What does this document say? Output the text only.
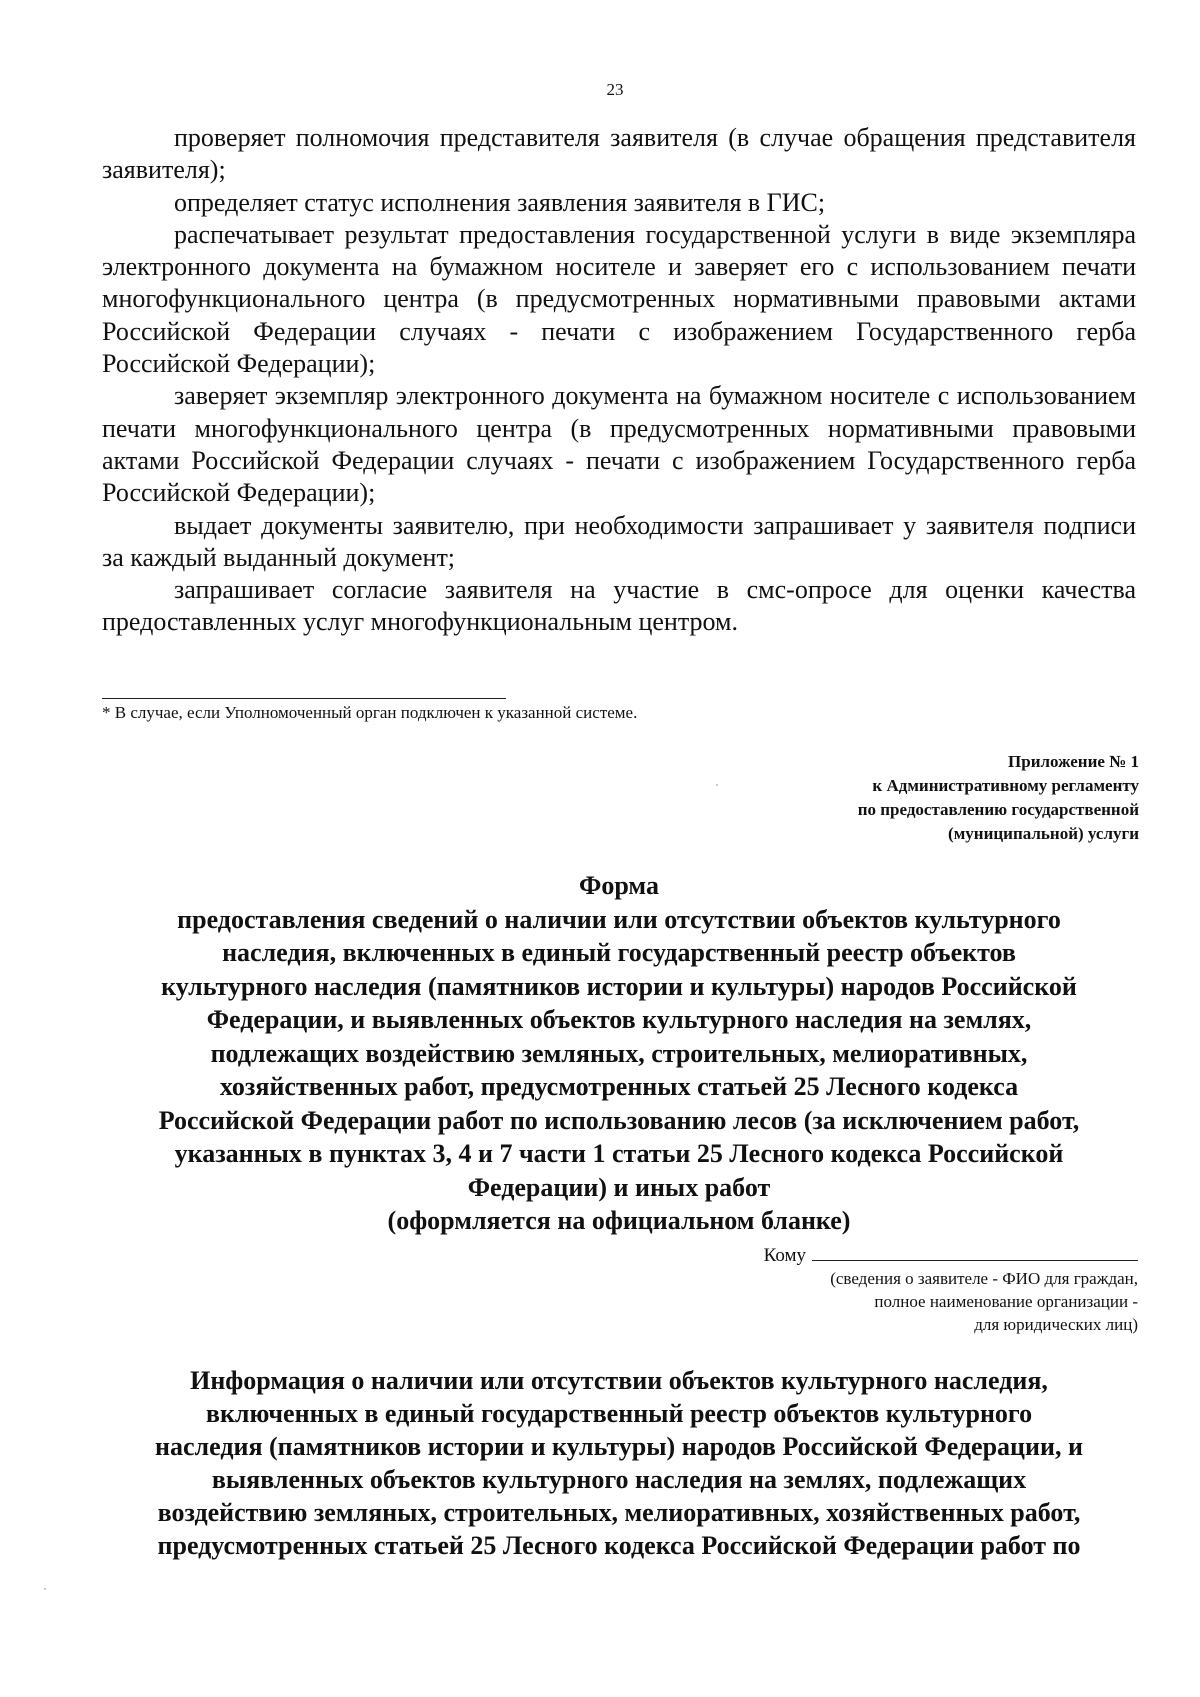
23

проверяет полномочия представителя заявителя (в случае обращения представителя заявителя);

определяет статус исполнения заявления заявителя в ГИС;

распечатывает результат предоставления государственной услуги в виде экземпляра электронного документа на бумажном носителе и заверяет его с использованием печати многофункционального центра (в предусмотренных нормативными правовыми актами Российской Федерации случаях - печати с изображением Государственного герба Российской Федерации);

заверяет экземпляр электронного документа на бумажном носителе с использованием печати многофункционального центра (в предусмотренных нормативными правовыми актами Российской Федерации случаях - печати с изображением Государственного герба Российской Федерации);

выдает документы заявителю, при необходимости запрашивает у заявителя подписи за каждый выданный документ;

запрашивает согласие заявителя на участие в смс-опросе для оценки качества предоставленных услуг многофункциональным центром.

* В случае, если Уполномоченный орган подключен к указанной системе.
Приложение № 1
к Административному регламенту
по предоставлению государственной
(муниципальной) услуги
Форма
предоставления сведений о наличии или отсутствии объектов культурного
наследия, включенных в единый государственный реестр объектов
культурного наследия (памятников истории и культуры) народов Российской
Федерации, и выявленных объектов культурного наследия на землях,
подлежащих воздействию земляных, строительных, мелиоративных,
хозяйственных работ, предусмотренных статьей 25 Лесного кодекса
Российской Федерации работ по использованию лесов (за исключением работ,
указанных в пунктах 3, 4 и 7 части 1 статьи 25 Лесного кодекса Российской
Федерации) и иных работ
(оформляется на официальном бланке)
Кому
(сведения о заявителе - ФИО для граждан,
полное наименование организации -
для юридических лиц)
Информация о наличии или отсутствии объектов культурного наследия,
включенных в единый государственный реестр объектов культурного
наследия (памятников истории и культуры) народов Российской Федерации, и
выявленных объектов культурного наследия на землях, подлежащих
воздействию земляных, строительных, мелиоративных, хозяйственных работ,
предусмотренных статьей 25 Лесного кодекса Российской Федерации работ по
